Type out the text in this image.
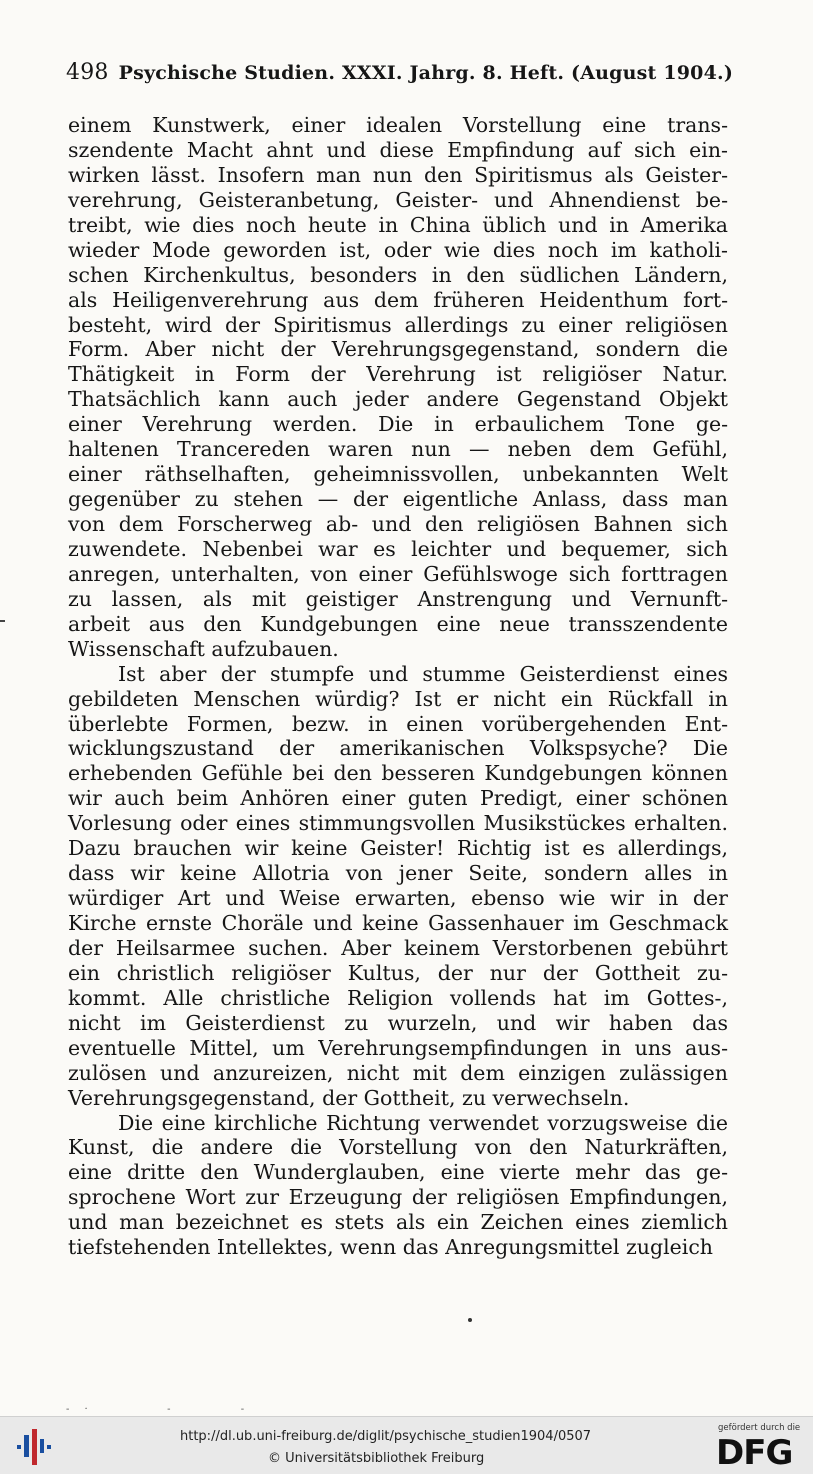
498 Psychische Studien. XXXI. Jahrg. 8. Heft. (August 1904.)

einem Kunstwerk, einer idealen Vorstellung eine trans-
szendente Macht ahnt und diese Empfindung auf sich ein-
wirken lässt. Insofern man nun den Spiritismus als Geister-
verehrung, Geisteranbetung, Geister- und Ahnendienst be-
treibt, wie dies noch heute in China üblich und in Amerika
wieder Mode geworden ist, oder wie dies noch im katholi-
schen Kirchenkultus, besonders in den südlichen Ländern,
als Heiligenverehrung aus dem früheren Heidenthum fort-
besteht, wird der Spiritismus allerdings zu einer religiösen
Form. Aber nicht der Verehrungsgegenstand, sondern die
Thätigkeit in Form der Verehrung ist religiöser Natur.
Thatsächlich kann auch jeder andere Gegenstand Objekt
einer Verehrung werden. Die in erbaulichem Tone ge-
haltenen Trancereden waren nun — neben dem Gefühl,
einer räthselhaften, geheimnissvollen, unbekannten Welt
gegenüber zu stehen — der eigentliche Anlass, dass man
von dem Forscherweg ab- und den religiösen Bahnen sich
zuwendete. Nebenbei war es leichter und bequemer, sich
anregen, unterhalten, von einer Gefühlswoge sich forttragen
zu lassen, als mit geistiger Anstrengung und Vernunft-
arbeit aus den Kundgebungen eine neue transszendente
Wissenschaft aufzubauen.

Ist aber der stumpfe und stumme Geisterdienst eines
gebildeten Menschen würdig? Ist er nicht ein Rückfall in
überlebte Formen, bezw. in einen vorübergehenden Ent-
wicklungszustand der amerikanischen Volkspsyche? Die
erhebenden Gefühle bei den besseren Kundgebungen können
wir auch beim Anhören einer guten Predigt, einer schönen
Vorlesung oder eines stimmungsvollen Musikstückes erhalten.
Dazu brauchen wir keine Geister! Richtig ist es allerdings,
dass wir keine Allotria von jener Seite, sondern alles in
würdiger Art und Weise erwarten, ebenso wie wir in der
Kirche ernste Choräle und keine Gassenhauer im Geschmack
der Heilsarmee suchen. Aber keinem Verstorbenen gebührt
ein christlich religiöser Kultus, der nur der Gottheit zu-
kommt. Alle christliche Religion vollends hat im Gottes-,
nicht im Geisterdienst zu wurzeln, und wir haben das
eventuelle Mittel, um Verehrungsempfindungen in uns aus-
zulösen und anzureizen, nicht mit dem einzigen zulässigen
Verehrungsgegenstand, der Gottheit, zu verwechseln.

Die eine kirchliche Richtung verwendet vorzugsweise die
Kunst, die andere die Vorstellung von den Naturkräften,
eine dritte den Wunderglauben, eine vierte mehr das ge-
sprochene Wort zur Erzeugung der religiösen Empfindungen,
und man bezeichnet es stets als ein Zeichen eines ziemlich
tiefstehenden Intellektes, wenn das Anregungsmittel zugleich

- ·        -       -
http://dl.ub.uni-freiburg.de/diglit/psychische_studien1904/0507
© Universitätsbibliothek Freiburg
gefördert durch die
DFG
